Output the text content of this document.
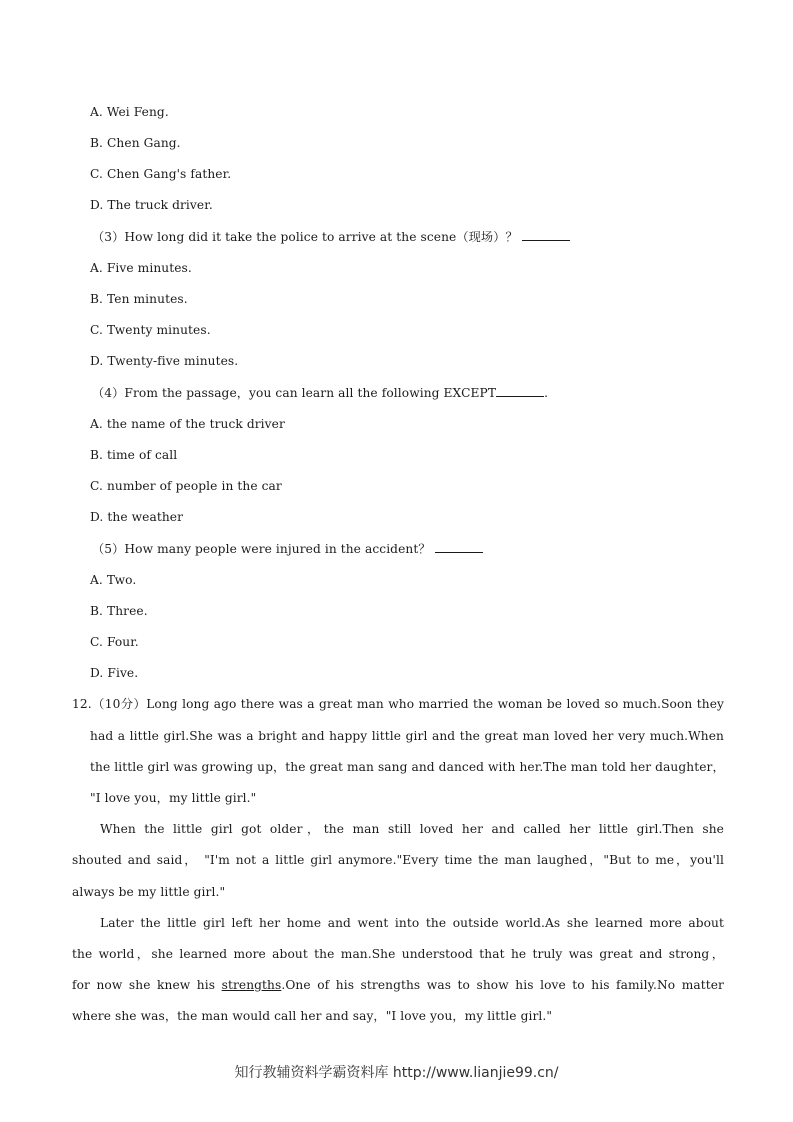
A. Wei Feng.
B. Chen Gang.
C. Chen Gang's father.
D. The truck driver.
（3）How long did it take the police to arrive at the scene（现场）？
A. Five minutes.
B. Ten minutes.
C. Twenty minutes.
D. Twenty‐five minutes.
（4）From the passage，you can learn all the following EXCEPT	.
A. the name of the truck driver
B. time of call
C. number of people in the car
D. the weather
（5）How many people were injured in the accident？
A. Two.
B. Three.
C. Four.
D. Five.
12.（10分）Long long ago there was a great man who married the woman be loved so much.Soon they
had a little girl.She was a bright and happy little girl and the great man loved her very much.When
the little girl was growing up，the great man sang and danced with her.The man told her daughter，
"I love you，my little girl."
When the little girl got older，the man still loved her and called her little girl.Then she
shouted and said， "I'm not a little girl anymore."Every time the man laughed，"But to me，you'll
always be my little girl."
Later the little girl left her home and went into the outside world.As she learned more about
the world，she learned more about the man.She understood that he truly was great and strong，
for now she knew his strengths.One of his strengths was to show his love to his family.No matter
where she was，the man would call her and say，"I love you，my little girl."
知行教辅资料学霸资料库 http://www.lianjie99.cn/
